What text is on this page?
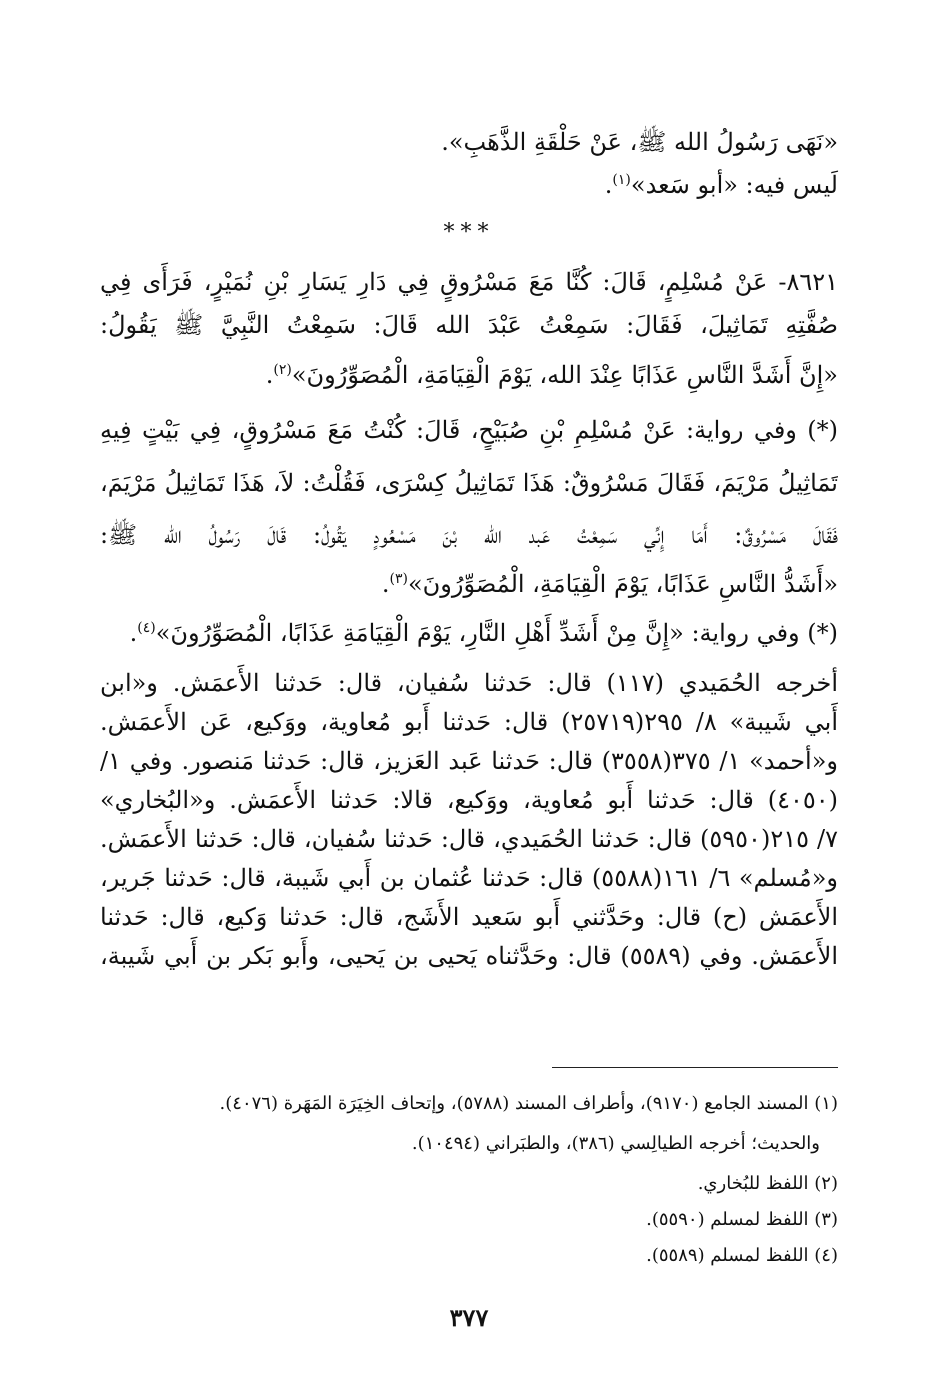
«نَهَى رَسُولُ الله ﷺ، عَنْ حَلْقَةِ الذَّهَبِ».
لَيس فيه: «أبو سَعد»$^{(١)}$.
***
٨٦٢١- عَنْ مُسْلِمٍ، قَالَ: كُنَّا مَعَ مَسْرُوقٍ فِي دَارِ يَسَارِ بْنِ نُمَيْرٍ، فَرَأَى فِي
صُفَّتِهِ تَمَاثِيلَ، فَقَالَ: سَمِعْتُ عَبْدَ الله قَالَ: سَمِعْتُ النَّبِيَّ ﷺ يَقُولُ:
«إِنَّ أَشَدَّ النَّاسِ عَذَابًا عِنْدَ الله، يَوْمَ الْقِيَامَةِ، الْمُصَوِّرُونَ»$^{(٢)}$.
(*) وفي رواية: عَنْ مُسْلِمِ بْنِ صُبَيْحٍ، قَالَ: كُنْتُ مَعَ مَسْرُوقٍ، فِي بَيْتٍ فِيهِ
تَمَاثِيلُ مَرْيَمَ، فَقَالَ مَسْرُوقٌ: هَذَا تَمَاثِيلُ كِسْرَى، فَقُلْتُ: لاَ، هَذَا تَمَاثِيلُ مَرْيَمَ،
فَقَالَ مَسْرُوقٌ: أَمَا إِنِّي سَمِعْتُ عَبد الله بْنَ مَسْعُودٍ يَقُولُ: قَالَ رَسُولُ الله ﷺ:
«أَشَدُّ النَّاسِ عَذَابًا، يَوْمَ الْقِيَامَةِ، الْمُصَوِّرُونَ»$^{(٣)}$.
(*) وفي رواية: «إِنَّ مِنْ أَشَدِّ أَهْلِ النَّارِ، يَوْمَ الْقِيَامَةِ عَذَابًا، الْمُصَوِّرُونَ»$^{(٤)}$.
أخرجه الحُمَيدي (١١٧) قال: حَدثنا سُفيان، قال: حَدثنا الأَعمَش. و«ابن
أَبي شَيبة» ٨/ ٢٩٥(٢٥٧١٩) قال: حَدثنا أَبو مُعاوية، ووَكيع، عَن الأَعمَش.
و«أحمد» ١/ ٣٧٥(٣٥٥٨) قال: حَدثنا عَبد العَزيز، قال: حَدثنا مَنصور. وفي ١/
(٤٠٥٠) قال: حَدثنا أَبو مُعاوية، ووَكيع، قالا: حَدثنا الأَعمَش. و«البُخاري»
٧/ ٢١٥(٥٩٥٠) قال: حَدثنا الحُمَيدي، قال: حَدثنا سُفيان، قال: حَدثنا الأَعمَش.
و«مُسلم» ٦/ ١٦١(٥٥٨٨) قال: حَدثنا عُثمان بن أَبي شَيبة، قال: حَدثنا جَرير،
الأَعمَش (ح) قال: وحَدَّثني أَبو سَعيد الأَشَج، قال: حَدثنا وَكيع، قال: حَدثنا
الأَعمَش. وفي (٥٥٨٩) قال: وحَدَّثناه يَحيى بن يَحيى، وأَبو بَكر بن أَبي شَيبة،
(١) المسند الجامع (٩١٧٠)، وأطراف المسند (٥٧٨٨)، وإتحاف الخِيَرَة المَهَرة (٤٠٧٦).
والحديث؛ أخرجه الطيالِسي (٣٨٦)، والطبَراني (١٠٤٩٤).
(٢) اللفظ للبُخاري.
(٣) اللفظ لمسلم (٥٥٩٠).
(٤) اللفظ لمسلم (٥٥٨٩).
٣٧٧
